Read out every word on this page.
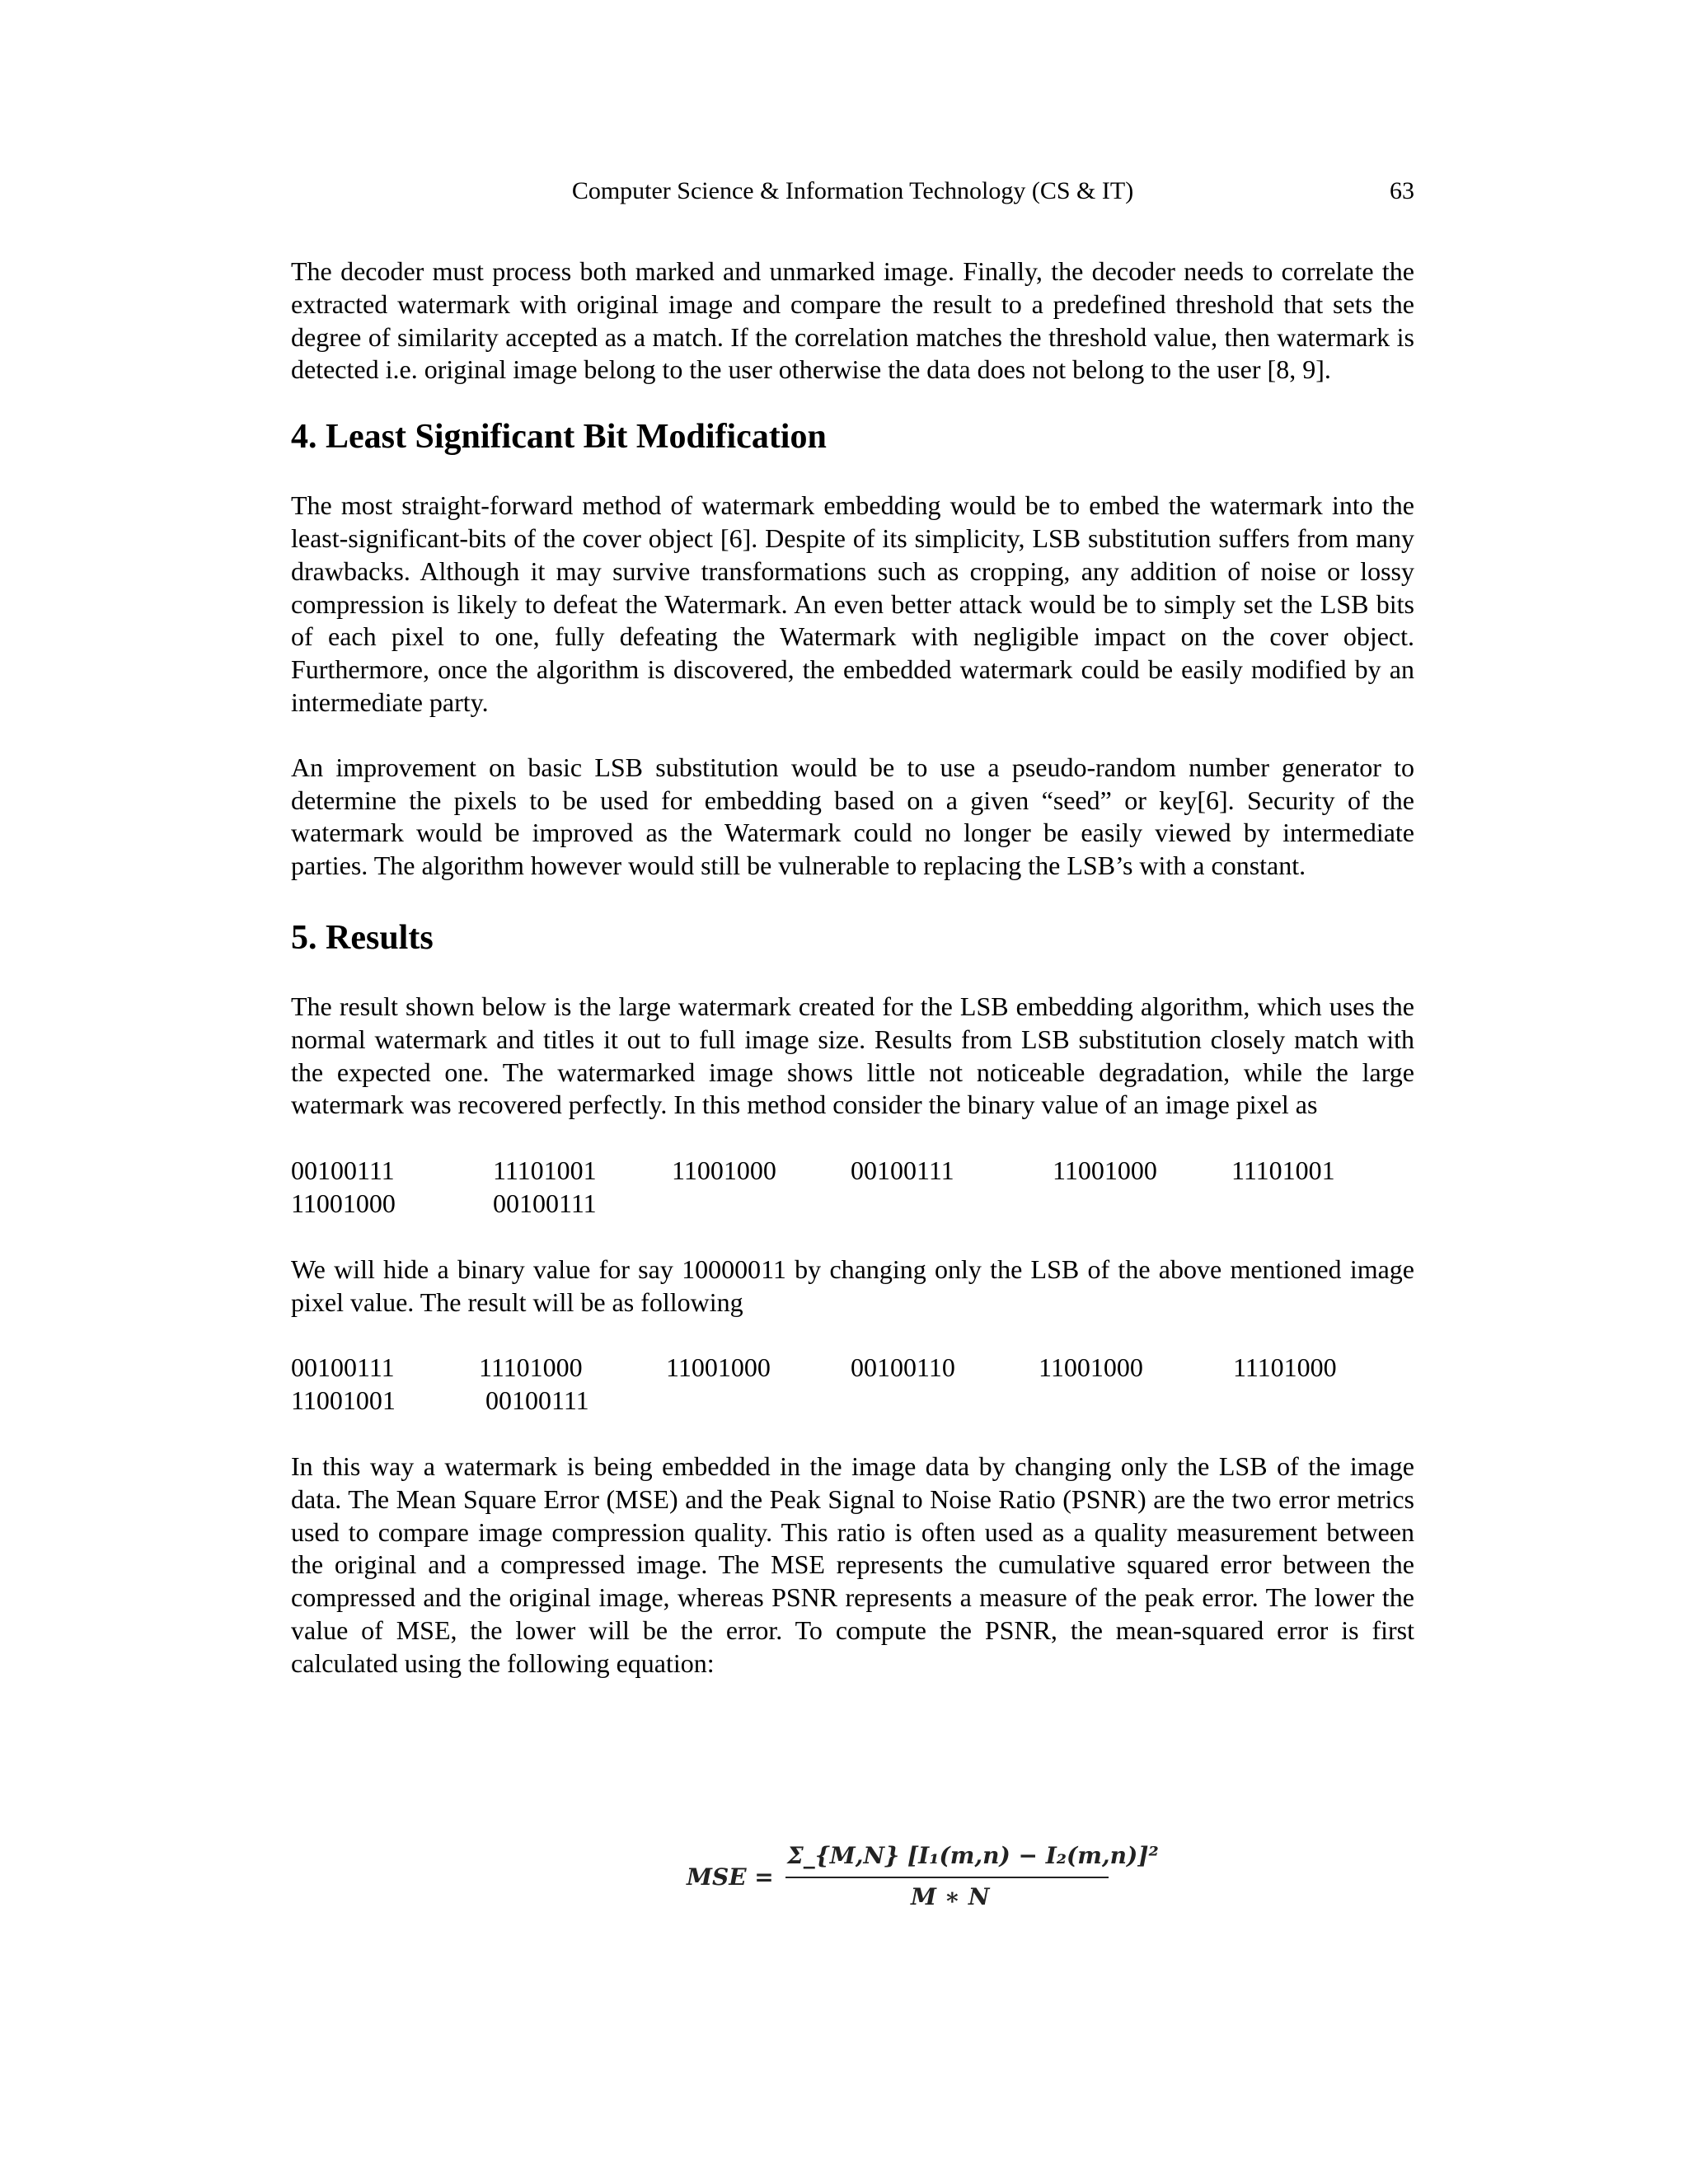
Computer Science & Information Technology (CS & IT)	63

The decoder must process both marked and unmarked image. Finally, the decoder needs to correlate the extracted watermark with original image and compare the result to a predefined threshold that sets the degree of similarity accepted as a match. If the correlation matches the threshold value, then watermark is detected i.e. original image belong to the user otherwise the data does not belong to the user [8, 9].

4. Least Significant Bit Modification

The most straight-forward method of watermark embedding would be to embed the watermark into the least-significant-bits of the cover object [6]. Despite of its simplicity, LSB substitution suffers from many drawbacks. Although it may survive transformations such as cropping, any addition of noise or lossy compression is likely to defeat the Watermark. An even better attack would be to simply set the LSB bits of each pixel to one, fully defeating the Watermark with negligible impact on the cover object. Furthermore, once the algorithm is discovered, the embedded watermark could be easily modified by an intermediate party.

An improvement on basic LSB substitution would be to use a pseudo-random number generator to determine the pixels to be used for embedding based on a given “seed” or key[6]. Security of the watermark would be improved as the Watermark could no longer be easily viewed by intermediate parties. The algorithm however would still be vulnerable to replacing the LSB’s with a constant.

5. Results

The result shown below is the large watermark created for the LSB embedding algorithm, which uses the normal watermark and titles it out to full image size. Results from LSB substitution closely match with the expected one. The watermarked image shows little not noticeable degradation, while the large watermark was recovered perfectly. In this method consider the binary value of an image pixel as

00100111	11101001	11001000	00100111	11001000	11101001
11001000	00100111

We will hide a binary value for say 10000011 by changing only the LSB of the above mentioned image pixel value. The result will be as following

00100111	11101000	11001000	00100110	11001000	11101000
11001001	00100111

In this way a watermark is being embedded in the image data by changing only the LSB of the image data. The Mean Square Error (MSE) and the Peak Signal to Noise Ratio (PSNR) are the two error metrics used to compare image compression quality. This ratio is often used as a quality measurement between the original and a compressed image. The MSE represents the cumulative squared error between the compressed and the original image, whereas PSNR represents a measure of the peak error. The lower the value of MSE, the lower will be the error. To compute the PSNR, the mean-squared error is first calculated using the following equation:

MSE =
Σ_{M,N} [I₁(m,n) − I₂(m,n)]²
M ∗ N
